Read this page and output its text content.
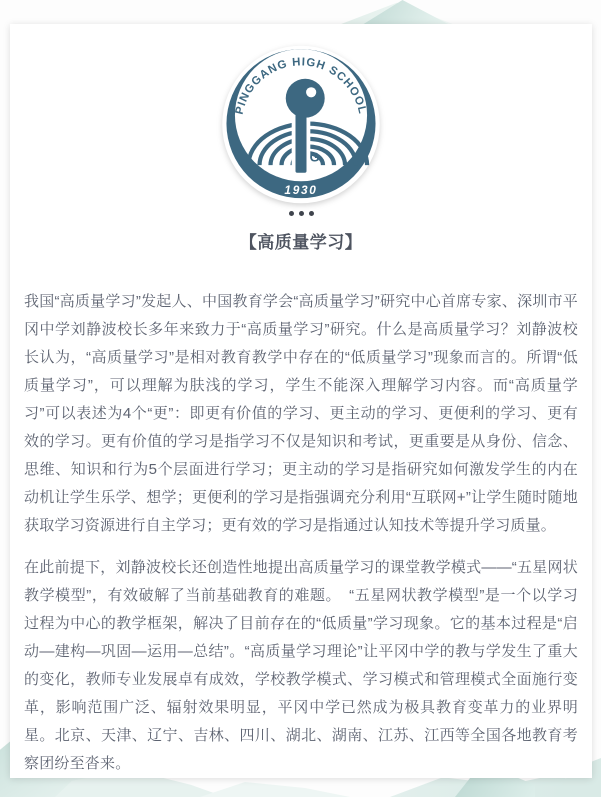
PINGGANG HIGH SCHOOL
G
1930
【高质量学习】

我国“高质量学习”发起人、中国教育学会“高质量学习”研究中心首席专家、深圳市平冈中学刘静波校长多年来致力于“高质量学习”研究。什么是高质量学习？刘静波校长认为，“高质量学习”是相对教育教学中存在的“低质量学习”现象而言的。所谓“低质量学习”，可以理解为肤浅的学习，学生不能深入理解学习内容。而“高质量学习”可以表述为4个“更”：即更有价值的学习、更主动的学习、更便利的学习、更有效的学习。更有价值的学习是指学习不仅是知识和考试，更重要是从身份、信念、思维、知识和行为5个层面进行学习；更主动的学习是指研究如何激发学生的内在动机让学生乐学、想学；更便利的学习是指强调充分利用“互联网+”让学生随时随地获取学习资源进行自主学习；更有效的学习是指通过认知技术等提升学习质量。

在此前提下，刘静波校长还创造性地提出高质量学习的课堂教学模式——“五星网状教学模型”，有效破解了当前基础教育的难题。　“五星网状教学模型”是一个以学习过程为中心的教学框架，解决了目前存在的“低质量”学习现象。它的基本过程是“启动—建构—巩固—运用—总结”。“高质量学习理论”让平冈中学的教与学发生了重大的变化，教师专业发展卓有成效，学校教学模式、学习模式和管理模式全面施行变革，影响范围广泛、辐射效果明显，平冈中学已然成为极具教育变革力的业界明星。北京、天津、辽宁、吉林、四川、湖北、湖南、江苏、江西等全国各地教育考察团纷至沓来。
